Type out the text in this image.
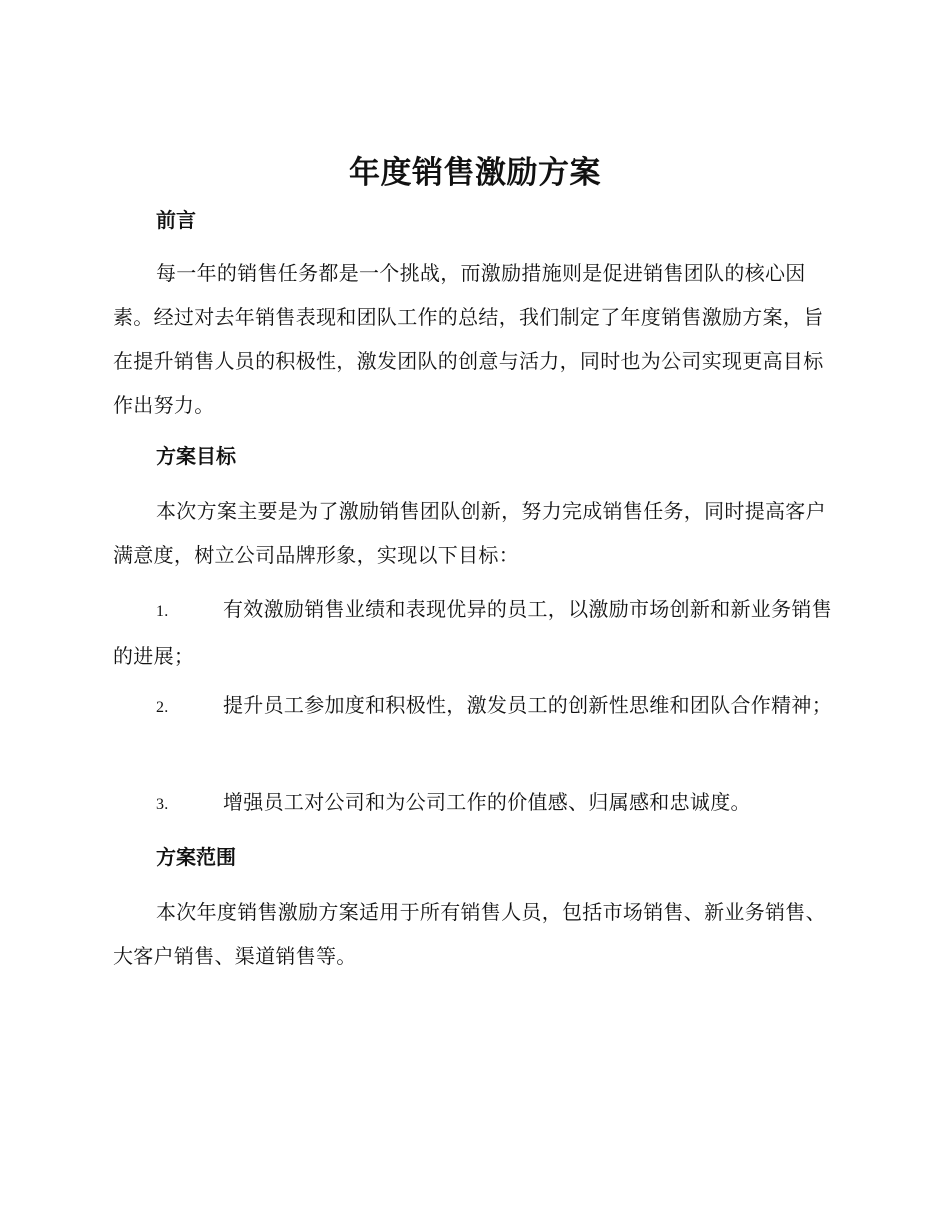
年度销售激励方案
前言

每一年的销售任务都是一个挑战，而激励措施则是促进销售团队的核心因素。经过对去年销售表现和团队工作的总结，我们制定了年度销售激励方案，旨在提升销售人员的积极性，激发团队的创意与活力，同时也为公司实现更高目标作出努力。

方案目标

本次方案主要是为了激励销售团队创新，努力完成销售任务，同时提高客户满意度，树立公司品牌形象，实现以下目标：

1.	有效激励销售业绩和表现优异的员工，以激励市场创新和新业务销售的进展；

2.	提升员工参加度和积极性，激发员工的创新性思维和团队合作精神；

3.	增强员工对公司和为公司工作的价值感、归属感和忠诚度。

方案范围

本次年度销售激励方案适用于所有销售人员，包括市场销售、新业务销售、大客户销售、渠道销售等。
